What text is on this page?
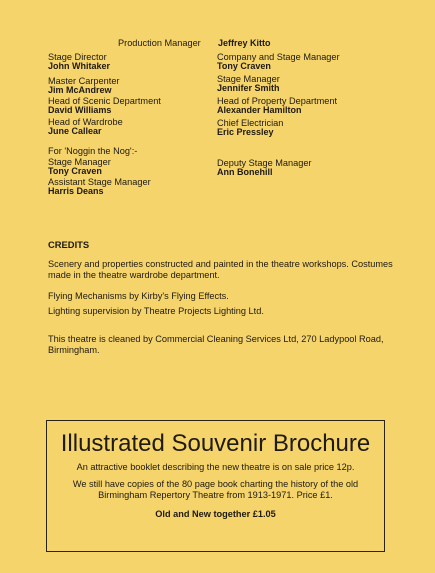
Production Manager Jeffrey Kitto
Stage Director
John Whitaker
Master Carpenter
Jim McAndrew
Head of Scenic Department
David Williams
Head of Wardrobe
June Callear
Company and Stage Manager
Tony Craven
Stage Manager
Jennifer Smith
Head of Property Department
Alexander Hamilton
Chief Electrician
Eric Pressley
For 'Noggin the Nog':-
Stage Manager
Tony Craven
Assistant Stage Manager
Harris Deans
Deputy Stage Manager
Ann Bonehill
CREDITS
Scenery and properties constructed and painted in the theatre workshops. Costumes made in the theatre wardrobe department.
Flying Mechanisms by Kirby's Flying Effects.
Lighting supervision by Theatre Projects Lighting Ltd.
This theatre is cleaned by Commercial Cleaning Services Ltd, 270 Ladypool Road, Birmingham.
Illustrated Souvenir Brochure
An attractive booklet describing the new theatre is on sale price 12p.
We still have copies of the 80 page book charting the history of the old
Birmingham Repertory Theatre from 1913-1971. Price £1.
Old and New together £1.05
